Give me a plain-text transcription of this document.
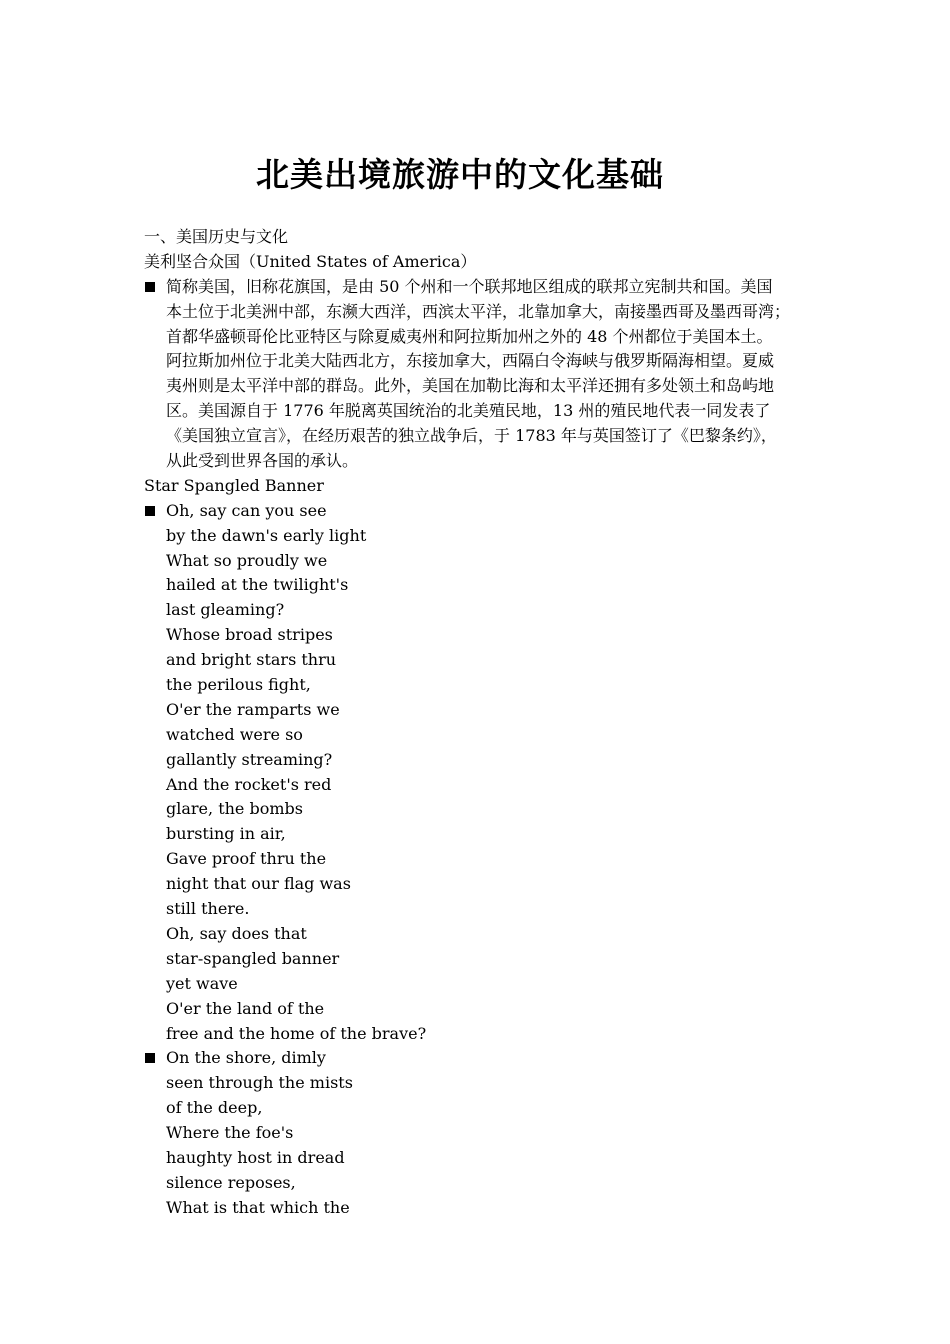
北美出境旅游中的文化基础
一、美国历史与文化
美利坚合众国（United States of America）
简称美国，旧称花旗国，是由 50 个州和一个联邦地区组成的联邦立宪制共和国。美国
本土位于北美洲中部，东濒大西洋，西滨太平洋，北靠加拿大，南接墨西哥及墨西哥湾；
首都华盛顿哥伦比亚特区与除夏威夷州和阿拉斯加州之外的 48 个州都位于美国本土。
阿拉斯加州位于北美大陆西北方，东接加拿大，西隔白令海峡与俄罗斯隔海相望。夏威
夷州则是太平洋中部的群岛。此外，美国在加勒比海和太平洋还拥有多处领土和岛屿地
区。美国源自于 1776 年脱离英国统治的北美殖民地，13 州的殖民地代表一同发表了
《美国独立宣言》，在经历艰苦的独立战争后，于 1783 年与英国签订了《巴黎条约》，
从此受到世界各国的承认。
Star Spangled Banner
Oh, say can you see
by the dawn's early light
What so proudly we
hailed at the twilight's
last gleaming?
Whose broad stripes
and bright stars thru
the perilous fight,
O'er the ramparts we
watched were so
gallantly streaming?
And the rocket's red
glare, the bombs
bursting in air,
Gave proof thru the
night that our flag was
still there.
Oh, say does that
star-spangled banner
yet wave
O'er the land of the
free and the home of the brave?
On the shore, dimly
seen through the mists
of the deep,
Where the foe's
haughty host in dread
silence reposes,
What is that which the
